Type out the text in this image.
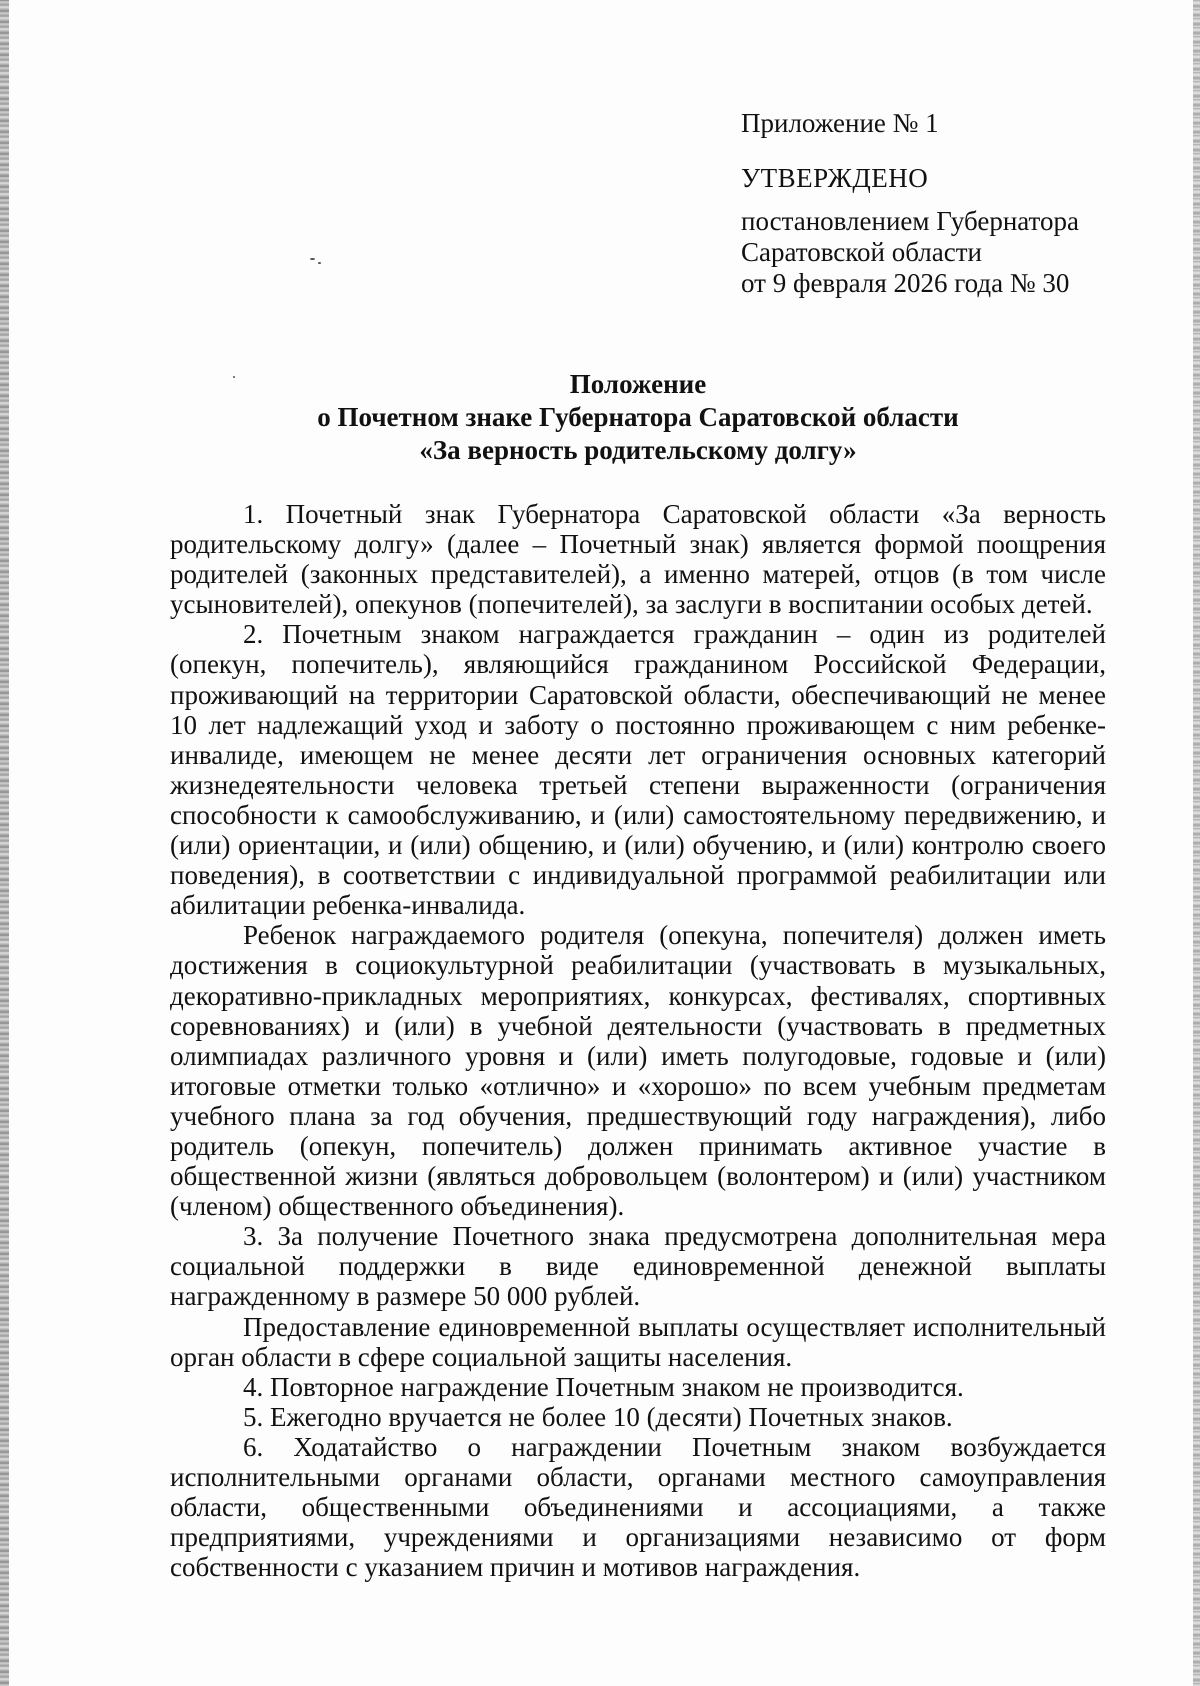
Приложение № 1
УТВЕРЖДЕНО
постановлением Губернатора
Саратовской области
от 9 февраля 2026 года № 30
Положение
о Почетном знаке Губернатора Саратовской области
«За верность родительскому долгу»

1. Почетный знак Губернатора Саратовской области «За верность родительскому долгу» (далее – Почетный знак) является формой поощрения родителей (законных представителей), а именно матерей, отцов (в том числе усыновителей), опекунов (попечителей), за заслуги в воспитании особых детей.

2. Почетным знаком награждается гражданин – один из родителей (опекун, попечитель), являющийся гражданином Российской Федерации, проживающий на территории Саратовской области, обеспечивающий не менее 10 лет надлежащий уход и заботу о постоянно проживающем с ним ребенке-инвалиде, имеющем не менее десяти лет ограничения основных категорий жизнедеятельности человека третьей степени выраженности (ограничения способности к самообслуживанию, и (или) самостоятельному передвижению, и (или) ориентации, и (или) общению, и (или) обучению, и (или) контролю своего поведения), в соответствии с индивидуальной программой реабилитации или абилитации ребенка-инвалида.

Ребенок награждаемого родителя (опекуна, попечителя) должен иметь достижения в социокультурной реабилитации (участвовать в музыкальных, декоративно-прикладных мероприятиях, конкурсах, фестивалях, спортивных соревнованиях) и (или) в учебной деятельности (участвовать в предметных олимпиадах различного уровня и (или) иметь полугодовые, годовые и (или) итоговые отметки только «отлично» и «хорошо» по всем учебным предметам учебного плана за год обучения, предшествующий году награждения), либо родитель (опекун, попечитель) должен принимать активное участие в общественной жизни (являться добровольцем (волонтером) и (или) участником (членом) общественного объединения).

3. За получение Почетного знака предусмотрена дополнительная мера социальной поддержки в виде единовременной денежной выплаты награжденному в размере 50 000 рублей.

Предоставление единовременной выплаты осуществляет исполнительный орган области в сфере социальной защиты населения.

4. Повторное награждение Почетным знаком не производится.

5. Ежегодно вручается не более 10 (десяти) Почетных знаков.

6. Ходатайство о награждении Почетным знаком возбуждается исполнительными органами области, органами местного самоуправления области, общественными объединениями и ассоциациями, а также предприятиями, учреждениями и организациями независимо от форм собственности с указанием причин и мотивов награждения.
